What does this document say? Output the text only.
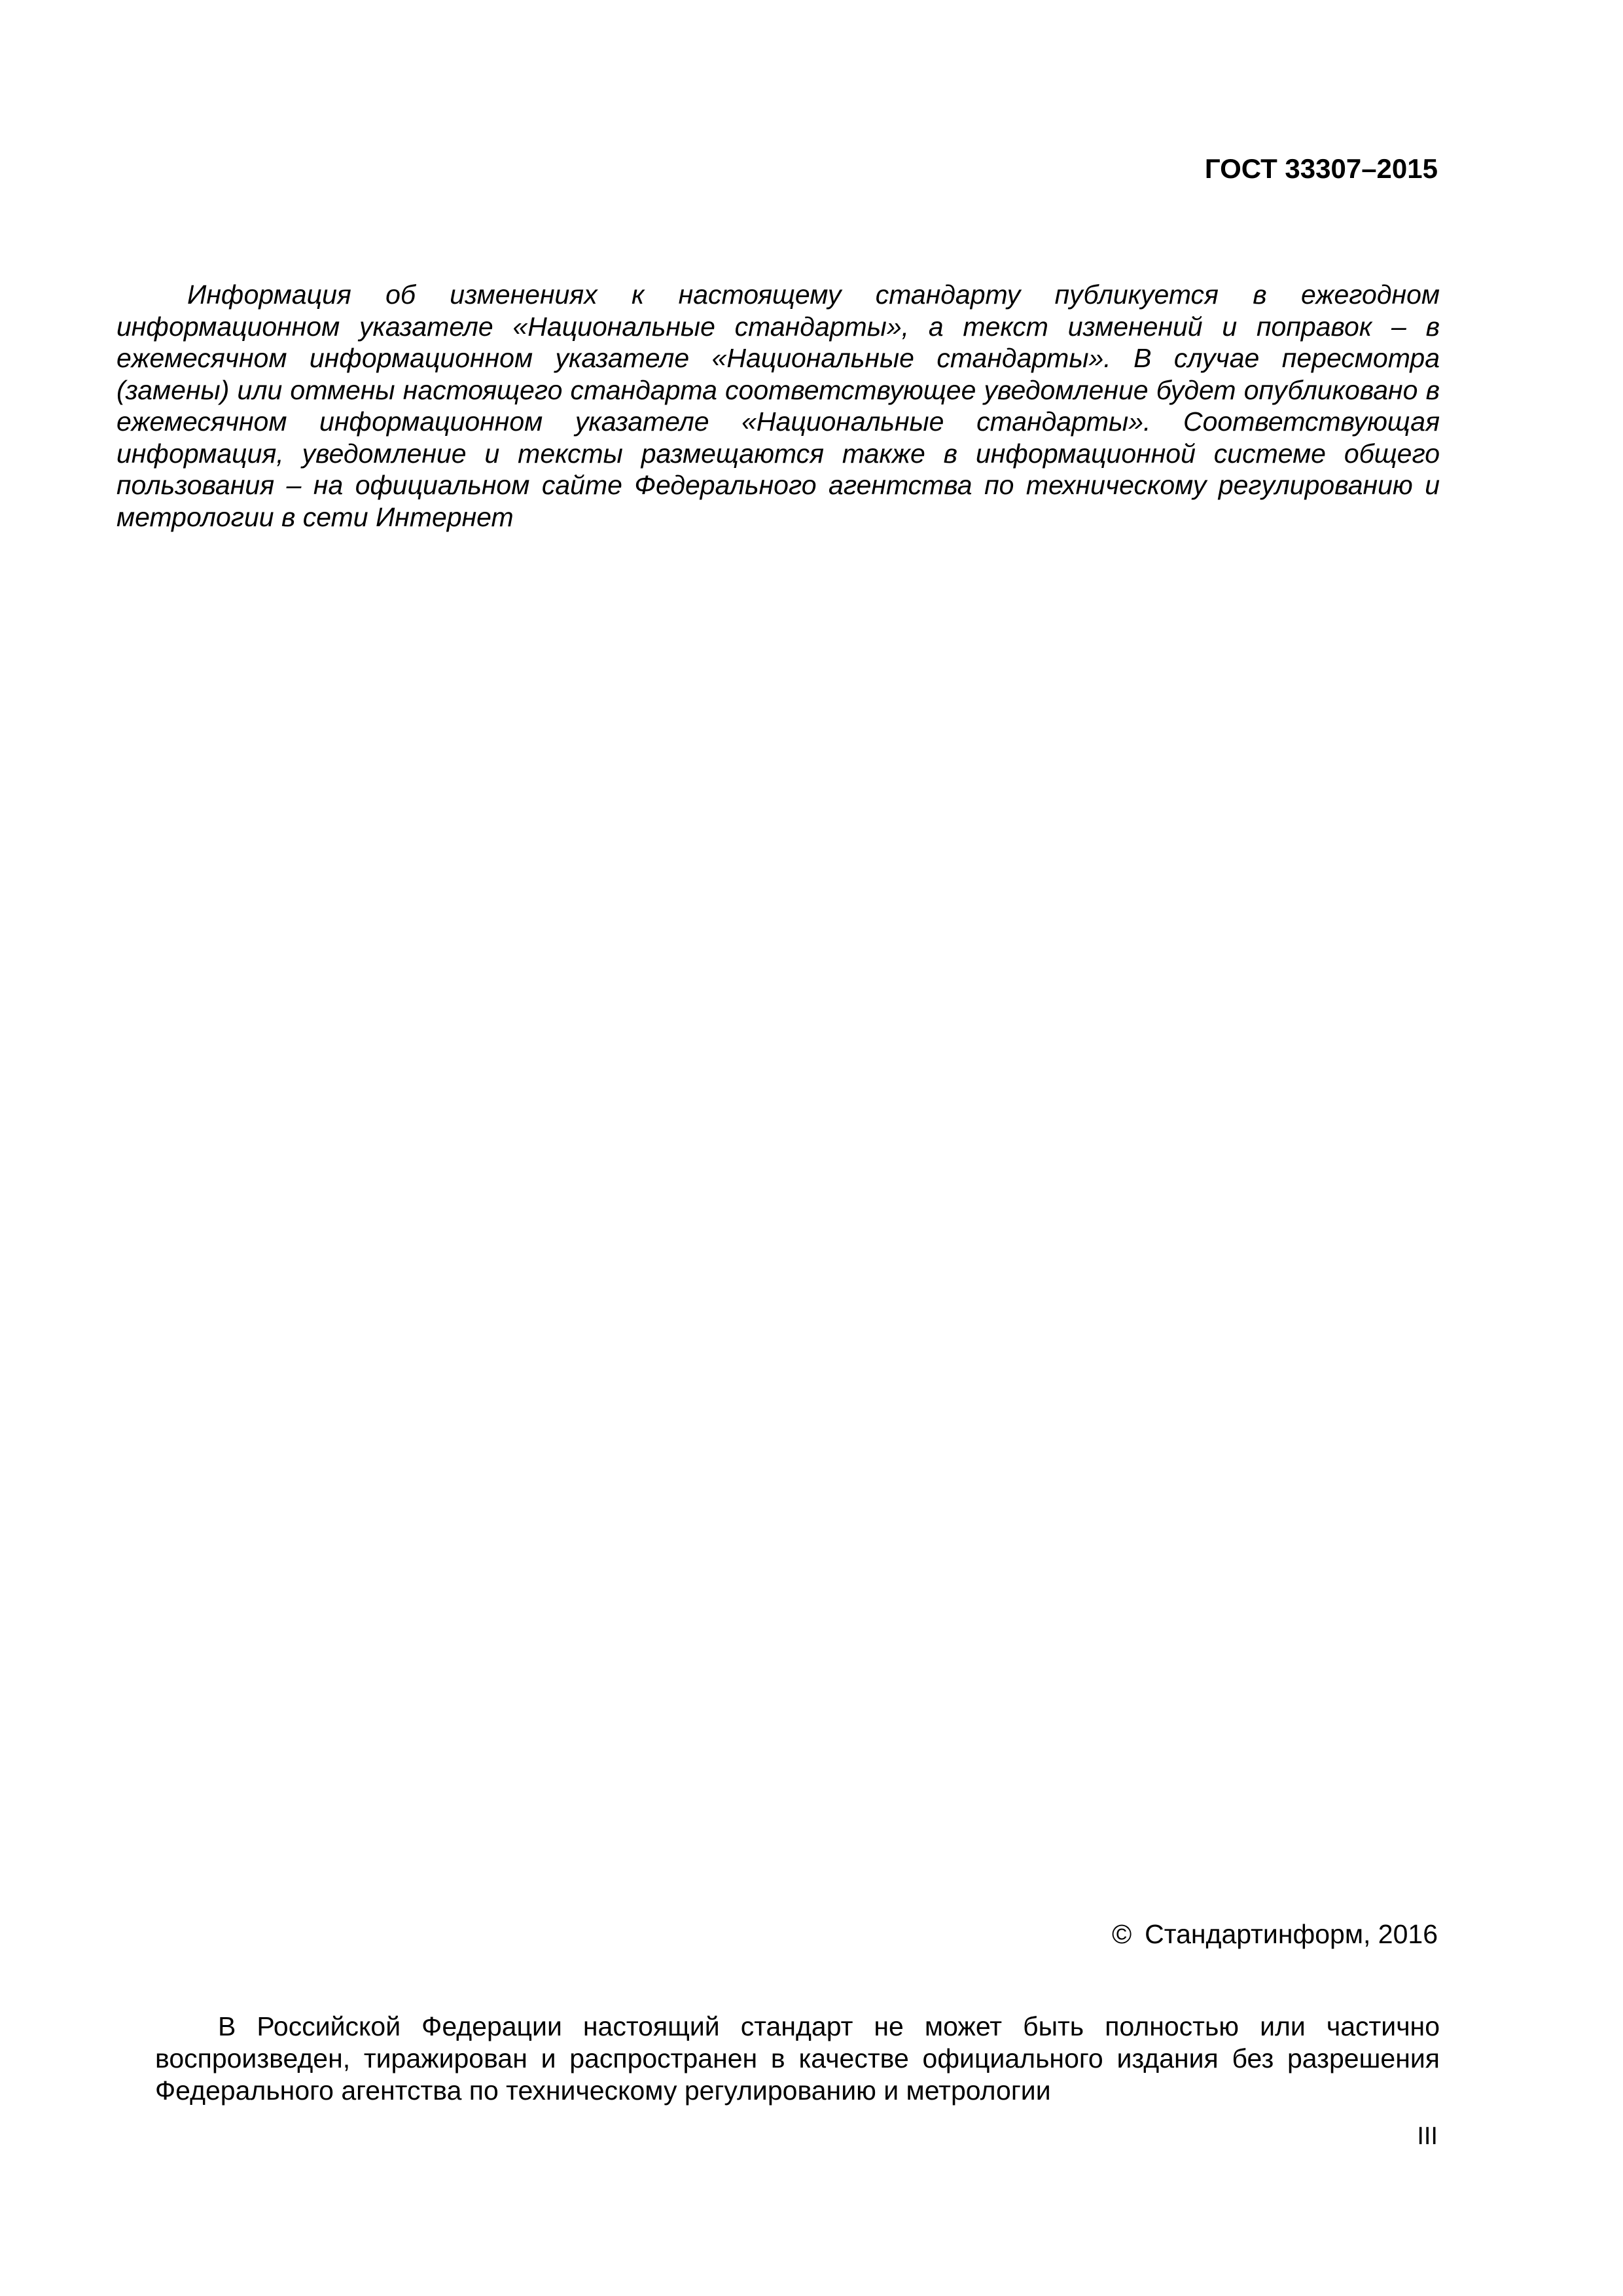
ГОСТ 33307–2015

Информация об изменениях к настоящему стандарту публикуется в ежегодном информационном указателе «Национальные стандарты», а текст изменений и поправок – в ежемесячном информационном указателе «Национальные стандарты». В случае пересмотра (замены) или отмены настоящего стандарта соответствующее уведомление будет опубликовано в ежемесячном информационном указателе «Национальные стандарты». Соответствующая информация, уведомление и тексты размещаются также в информационной системе общего пользования – на официальном сайте Федерального агентства по техническому регулированию и метрологии в сети Интернет

© Стандартинформ, 2016

В Российской Федерации настоящий стандарт не может быть полностью или частично воспроизведен, тиражирован и распространен в качестве официального издания без разрешения Федерального агентства по техническому регулированию и метрологии

III
